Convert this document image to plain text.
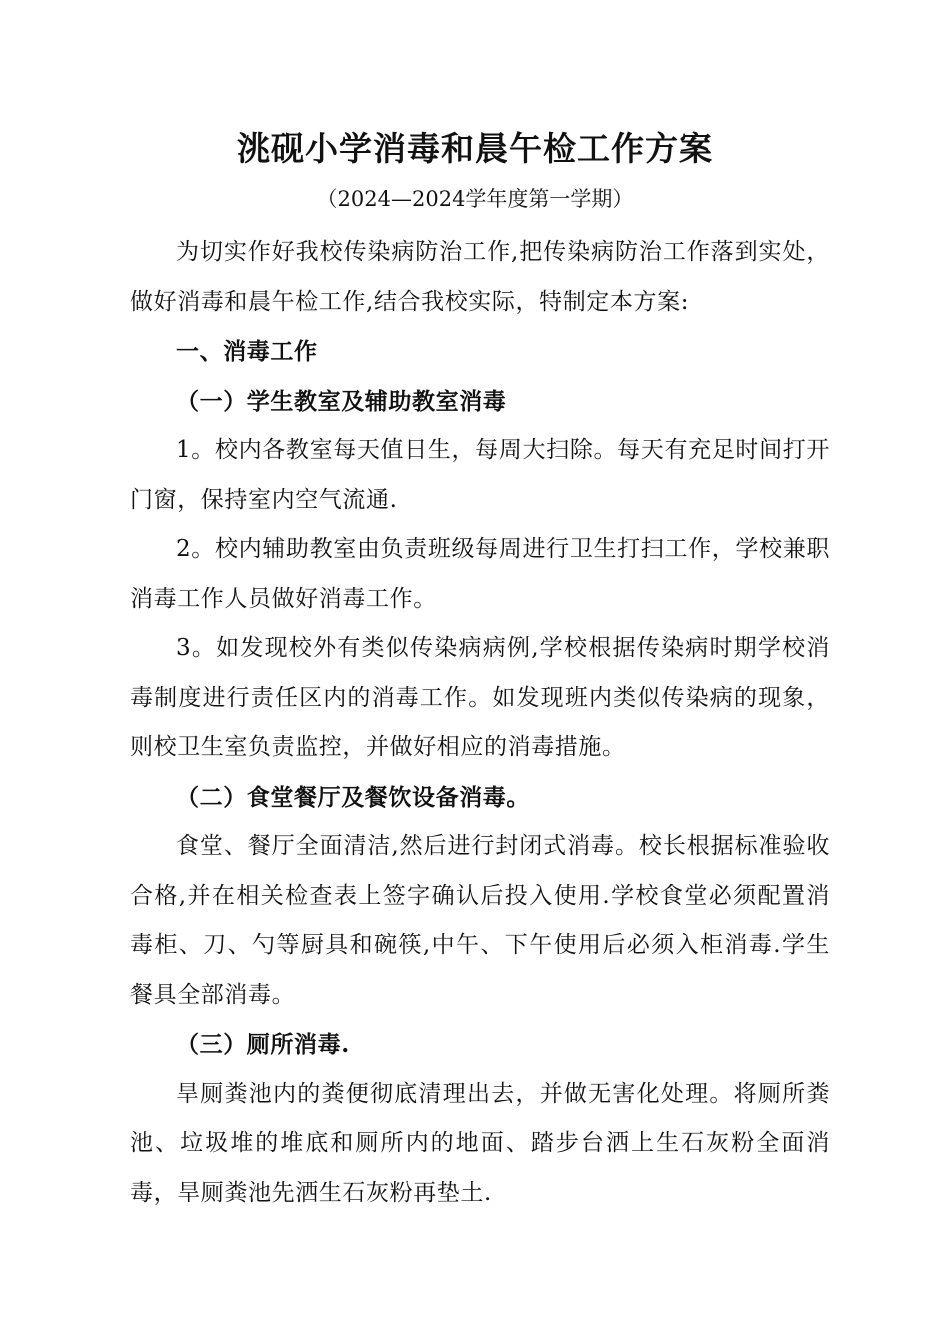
洮砚小学消毒和晨午检工作方案
（2024—2024学年度第一学期）

为切实作好我校传染病防治工作,把传染病防治工作落到实处，做好消毒和晨午检工作,结合我校实际，特制定本方案:

一、消毒工作

（一）学生教室及辅助教室消毒

1。校内各教室每天值日生，每周大扫除。每天有充足时间打开门窗，保持室内空气流通.

2。校内辅助教室由负责班级每周进行卫生打扫工作，学校兼职消毒工作人员做好消毒工作。

3。如发现校外有类似传染病病例,学校根据传染病时期学校消毒制度进行责任区内的消毒工作。如发现班内类似传染病的现象，则校卫生室负责监控，并做好相应的消毒措施。

（二）食堂餐厅及餐饮设备消毒。

食堂、餐厅全面清洁,然后进行封闭式消毒。校长根据标准验收合格,并在相关检查表上签字确认后投入使用.学校食堂必须配置消毒柜、刀、勺等厨具和碗筷,中午、下午使用后必须入柜消毒.学生餐具全部消毒。

（三）厕所消毒.

旱厕粪池内的粪便彻底清理出去，并做无害化处理。将厕所粪池、垃圾堆的堆底和厕所内的地面、踏步台洒上生石灰粉全面消毒，旱厕粪池先洒生石灰粉再垫土.
